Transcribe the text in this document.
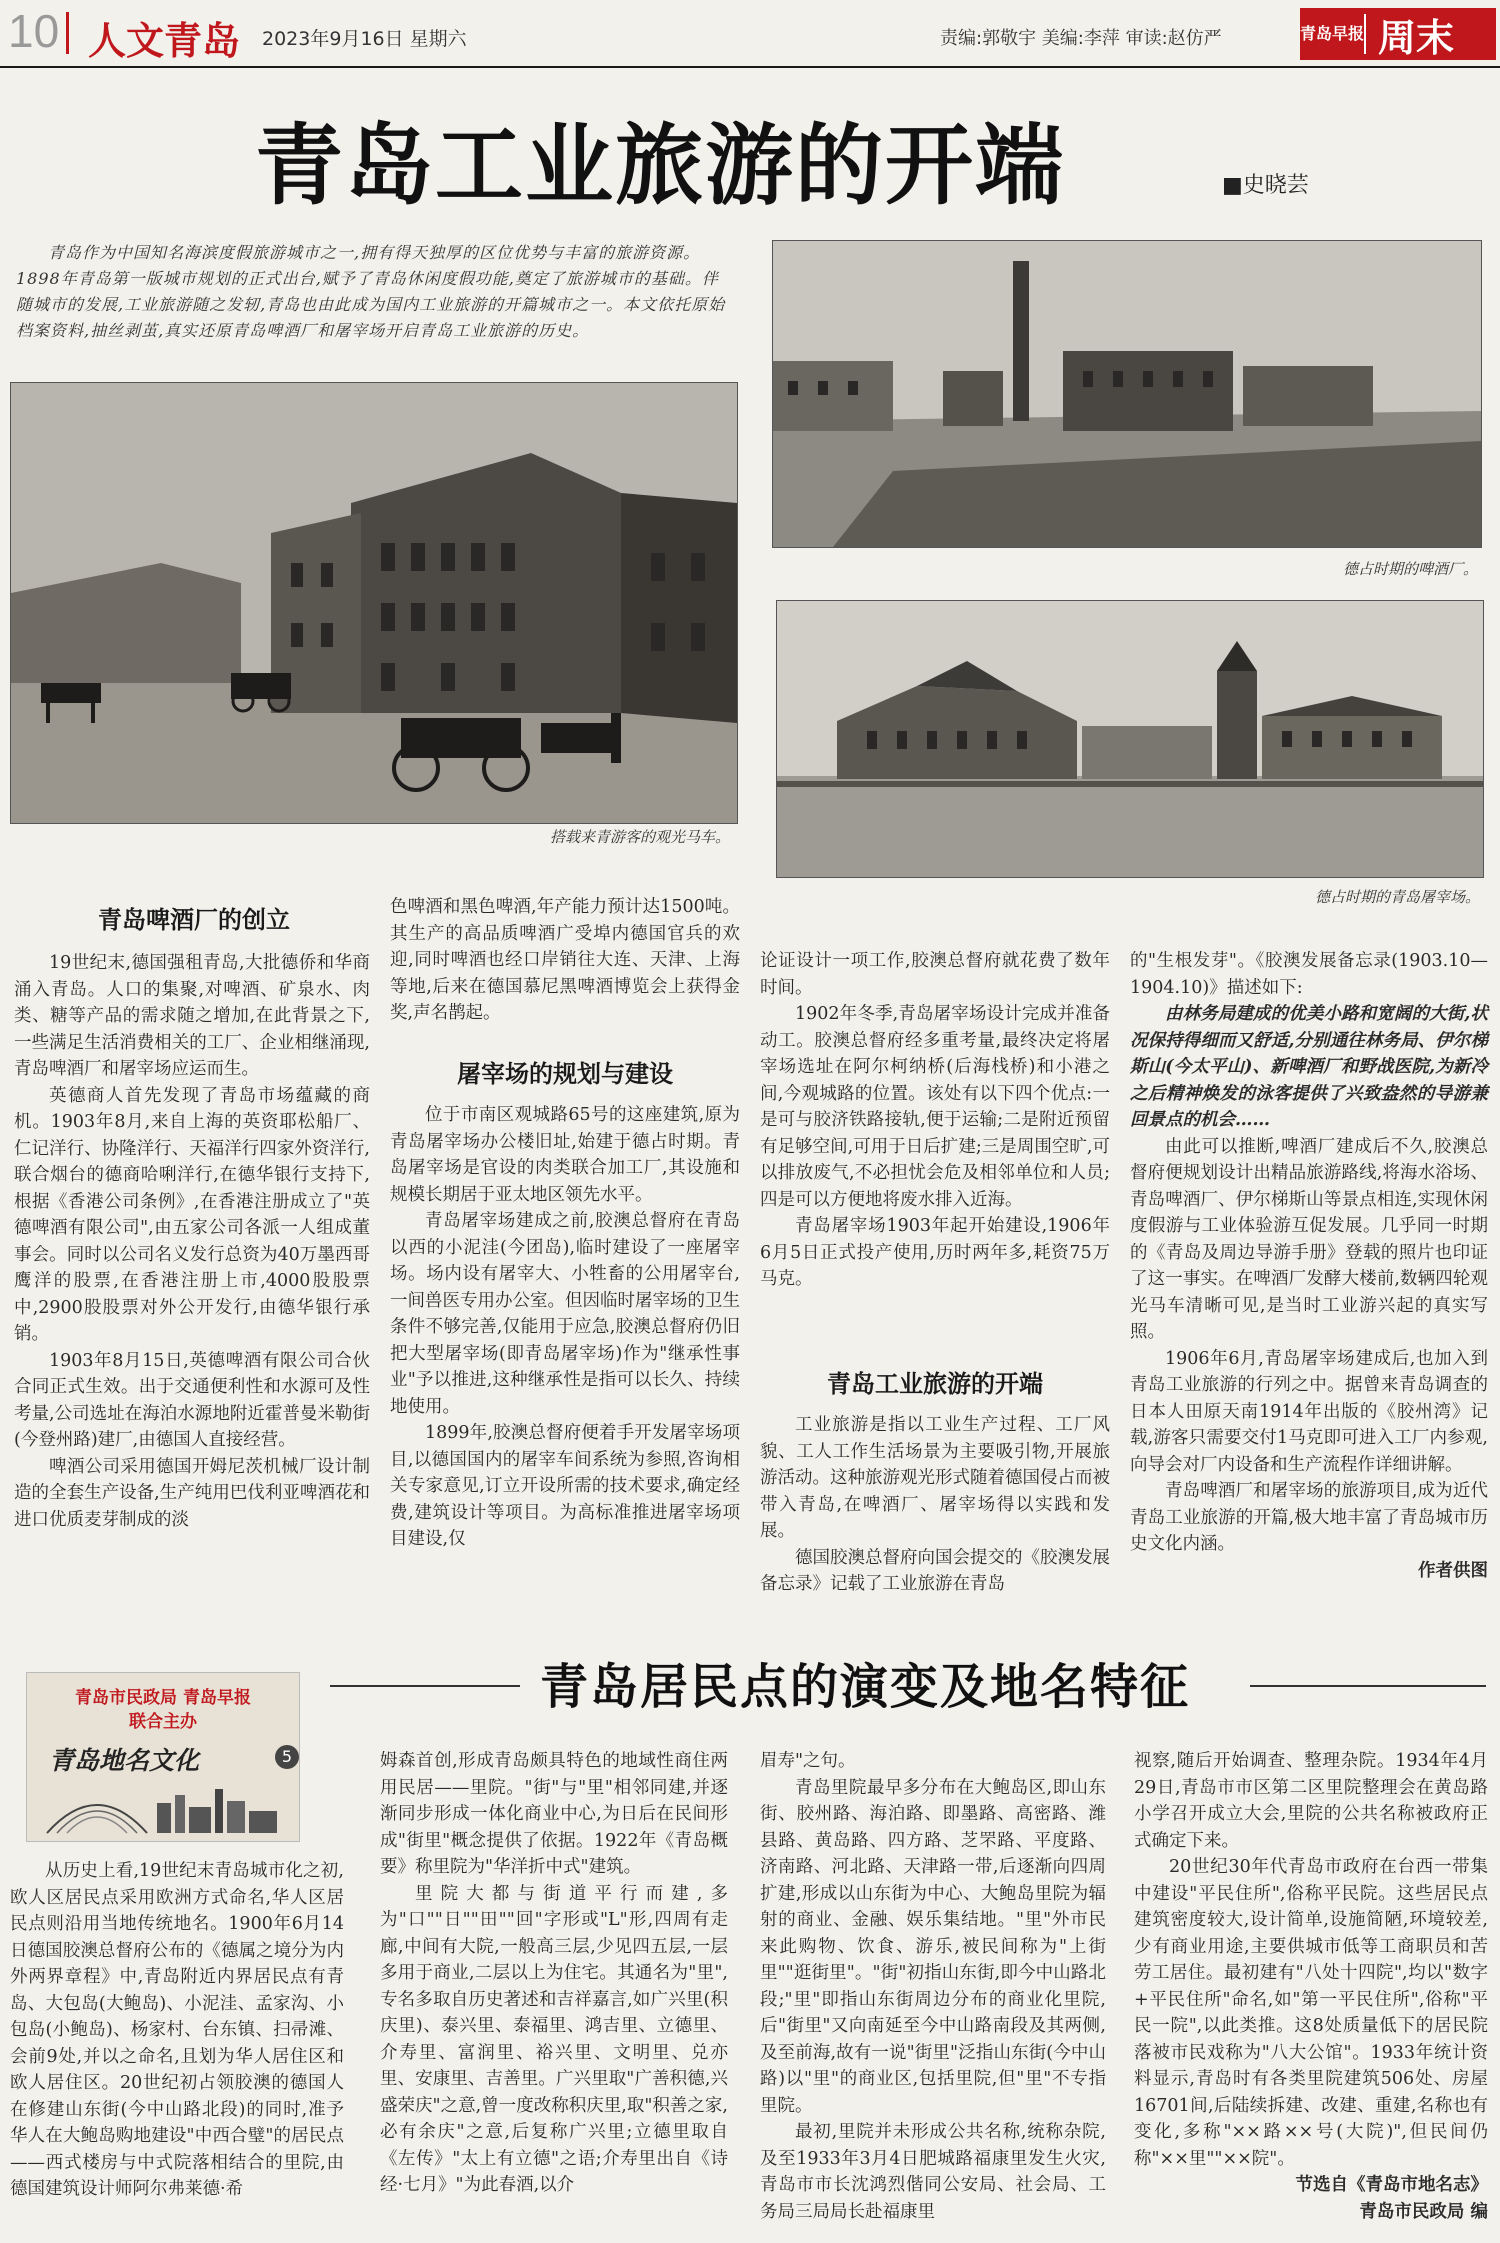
10 人文青岛 2023年9月16日 星期六	责编:郭敬宇 美编:李萍 审读:赵仿严	青岛早报 周末
青岛工业旅游的开端	■史晓芸
青岛作为中国知名海滨度假旅游城市之一,拥有得天独厚的区位优势与丰富的旅游资源。1898年青岛第一版城市规划的正式出台,赋予了青岛休闲度假功能,奠定了旅游城市的基础。伴随城市的发展,工业旅游随之发轫,青岛也由此成为国内工业旅游的开篇城市之一。本文依托原始档案资料,抽丝剥茧,真实还原青岛啤酒厂和屠宰场开启青岛工业旅游的历史。
搭载来青游客的观光马车。
德占时期的啤酒厂。
德占时期的青岛屠宰场。
青岛啤酒厂的创立

19世纪末,德国强租青岛,大批德侨和华商涌入青岛。人口的集聚,对啤酒、矿泉水、肉类、糖等产品的需求随之增加,在此背景之下,一些满足生活消费相关的工厂、企业相继涌现,青岛啤酒厂和屠宰场应运而生。

英德商人首先发现了青岛市场蕴藏的商机。1903年8月,来自上海的英资耶松船厂、仁记洋行、协隆洋行、天福洋行四家外资洋行,联合烟台的德商哈唎洋行,在德华银行支持下,根据《香港公司条例》,在香港注册成立了"英德啤酒有限公司",由五家公司各派一人组成董事会。同时以公司名义发行总资为40万墨西哥鹰洋的股票,在香港注册上市,4000股股票中,2900股股票对外公开发行,由德华银行承销。

1903年8月15日,英德啤酒有限公司合伙合同正式生效。出于交通便利性和水源可及性考量,公司选址在海泊水源地附近霍普曼米勒街(今登州路)建厂,由德国人直接经营。

啤酒公司采用德国开姆尼茨机械厂设计制造的全套生产设备,生产纯用巴伐利亚啤酒花和进口优质麦芽制成的淡

色啤酒和黑色啤酒,年产能力预计达1500吨。其生产的高品质啤酒广受埠内德国官兵的欢迎,同时啤酒也经口岸销往大连、天津、上海等地,后来在德国慕尼黑啤酒博览会上获得金奖,声名鹊起。

屠宰场的规划与建设

位于市南区观城路65号的这座建筑,原为青岛屠宰场办公楼旧址,始建于德占时期。青岛屠宰场是官设的肉类联合加工厂,其设施和规模长期居于亚太地区领先水平。

青岛屠宰场建成之前,胶澳总督府在青岛以西的小泥洼(今团岛),临时建设了一座屠宰场。场内设有屠宰大、小牲畜的公用屠宰台,一间兽医专用办公室。但因临时屠宰场的卫生条件不够完善,仅能用于应急,胶澳总督府仍旧把大型屠宰场(即青岛屠宰场)作为"继承性事业"予以推进,这种继承性是指可以长久、持续地使用。

1899年,胶澳总督府便着手开发屠宰场项目,以德国国内的屠宰车间系统为参照,咨询相关专家意见,订立开设所需的技术要求,确定经费,建筑设计等项目。为高标准推进屠宰场项目建设,仅

论证设计一项工作,胶澳总督府就花费了数年时间。

1902年冬季,青岛屠宰场设计完成并准备动工。胶澳总督府经多重考量,最终决定将屠宰场选址在阿尔柯纳桥(后海栈桥)和小港之间,今观城路的位置。该处有以下四个优点:一是可与胶济铁路接轨,便于运输;二是附近预留有足够空间,可用于日后扩建;三是周围空旷,可以排放废气,不必担忧会危及相邻单位和人员;四是可以方便地将废水排入近海。

青岛屠宰场1903年起开始建设,1906年6月5日正式投产使用,历时两年多,耗资75万马克。

青岛工业旅游的开端

工业旅游是指以工业生产过程、工厂风貌、工人工作生活场景为主要吸引物,开展旅游活动。这种旅游观光形式随着德国侵占而被带入青岛,在啤酒厂、屠宰场得以实践和发展。

德国胶澳总督府向国会提交的《胶澳发展备忘录》记载了工业旅游在青岛

的"生根发芽"。《胶澳发展备忘录(1903.10—1904.10)》描述如下:

由林务局建成的优美小路和宽阔的大街,状况保持得细而又舒适,分别通往林务局、伊尔梯斯山(今太平山)、新啤酒厂和野战医院,为新冷之后精神焕发的泳客提供了兴致盎然的导游兼回景点的机会……

由此可以推断,啤酒厂建成后不久,胶澳总督府便规划设计出精品旅游路线,将海水浴场、青岛啤酒厂、伊尔梯斯山等景点相连,实现休闲度假游与工业体验游互促发展。几乎同一时期的《青岛及周边导游手册》登载的照片也印证了这一事实。在啤酒厂发酵大楼前,数辆四轮观光马车清晰可见,是当时工业游兴起的真实写照。

1906年6月,青岛屠宰场建成后,也加入到青岛工业旅游的行列之中。据曾来青岛调查的日本人田原天南1914年出版的《胶州湾》记载,游客只需要交付1马克即可进入工厂内参观,向导会对厂内设备和生产流程作详细讲解。

青岛啤酒厂和屠宰场的旅游项目,成为近代青岛工业旅游的开篇,极大地丰富了青岛城市历史文化内涵。

作者供图
青岛居民点的演变及地名特征
青岛市民政局 青岛早报
联合主办
青岛地名文化	5

从历史上看,19世纪末青岛城市化之初,欧人区居民点采用欧洲方式命名,华人区居民点则沿用当地传统地名。1900年6月14日德国胶澳总督府公布的《德属之境分为内外两界章程》中,青岛附近内界居民点有青岛、大包岛(大鲍岛)、小泥洼、孟家沟、小包岛(小鲍岛)、杨家村、台东镇、扫帚滩、会前9处,并以之命名,且划为华人居住区和欧人居住区。20世纪初占领胶澳的德国人在修建山东街(今中山路北段)的同时,准予华人在大鲍岛购地建设"中西合璧"的居民点——西式楼房与中式院落相结合的里院,由德国建筑设计师阿尔弗莱德·希

姆森首创,形成青岛颇具特色的地域性商住两用民居——里院。"街"与"里"相邻同建,并逐渐同步形成一体化商业中心,为日后在民间形成"街里"概念提供了依据。1922年《青岛概要》称里院为"华洋折中式"建筑。

里院大都与街道平行而建,多为"口""日""田""回"字形或"L"形,四周有走廊,中间有大院,一般高三层,少见四五层,一层多用于商业,二层以上为住宅。其通名为"里",专名多取自历史著述和吉祥嘉言,如广兴里(积庆里)、泰兴里、泰福里、鸿吉里、立德里、介寿里、富润里、裕兴里、文明里、兑亦里、安康里、吉善里。广兴里取"广善积德,兴盛荣庆"之意,曾一度改称积庆里,取"积善之家,必有余庆"之意,后复称广兴里;立德里取自《左传》"太上有立德"之语;介寿里出自《诗经·七月》"为此春酒,以介

眉寿"之句。

青岛里院最早多分布在大鲍岛区,即山东街、胶州路、海泊路、即墨路、高密路、潍县路、黄岛路、四方路、芝罘路、平度路、济南路、河北路、天津路一带,后逐渐向四周扩建,形成以山东街为中心、大鲍岛里院为辐射的商业、金融、娱乐集结地。"里"外市民来此购物、饮食、游乐,被民间称为"上街里""逛街里"。"街"初指山东街,即今中山路北段;"里"即指山东街周边分布的商业化里院,后"街里"又向南延至今中山路南段及其两侧,及至前海,故有一说"街里"泛指山东街(今中山路)以"里"的商业区,包括里院,但"里"不专指里院。

最初,里院并未形成公共名称,统称杂院,及至1933年3月4日肥城路福康里发生火灾,青岛市市长沈鸿烈偕同公安局、社会局、工务局三局局长赴福康里

视察,随后开始调查、整理杂院。1934年4月29日,青岛市市区第二区里院整理会在黄岛路小学召开成立大会,里院的公共名称被政府正式确定下来。

20世纪30年代青岛市政府在台西一带集中建设"平民住所",俗称平民院。这些居民点建筑密度较大,设计简单,设施简陋,环境较差,少有商业用途,主要供城市低等工商职员和苦劳工居住。最初建有"八处十四院",均以"数字+平民住所"命名,如"第一平民住所",俗称"平民一院",以此类推。这8处质量低下的居民院落被市民戏称为"八大公馆"。1933年统计资料显示,青岛时有各类里院建筑506处、房屋16701间,后陆续拆建、改建、重建,名称也有变化,多称"××路××号(大院)",但民间仍称"××里""××院"。

节选自《青岛市地名志》
青岛市民政局 编
